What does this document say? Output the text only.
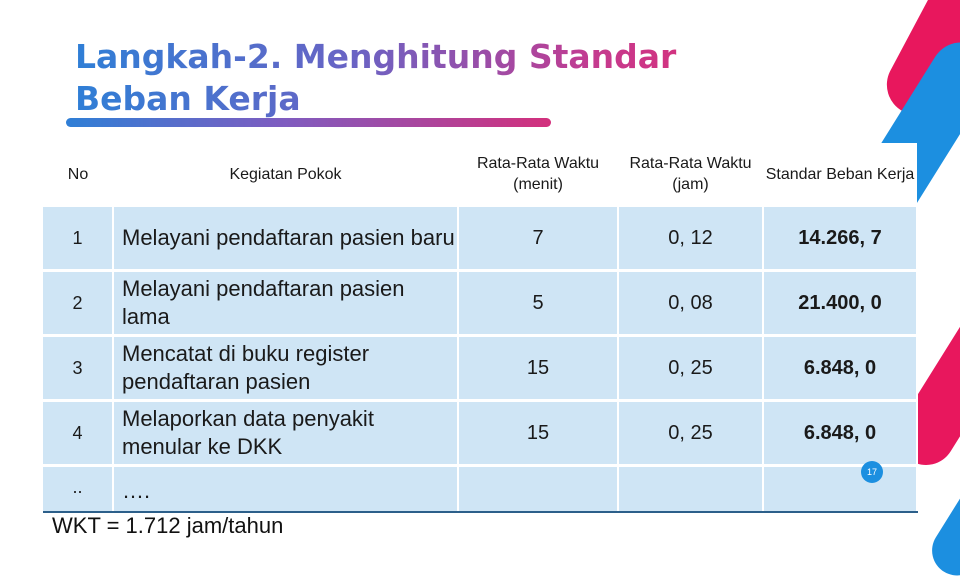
Langkah-2. Menghitung Standar Beban Kerja
No	Kegiatan Pokok	Rata-Rata Waktu (menit)	Rata-Rata Waktu (jam)	Standar Beban Kerja
1	Melayani pendaftaran pasien baru	7	0, 12	14.266, 7
2	Melayani pendaftaran pasien lama	5	0, 08	21.400, 0
3	Mencatat di buku register pendaftaran pasien	15	0, 25	6.848, 0
4	Melaporkan data penyakit menular ke DKK	15	0, 25	6.848, 0
..	….			
17
WKT = 1.712 jam/tahun
